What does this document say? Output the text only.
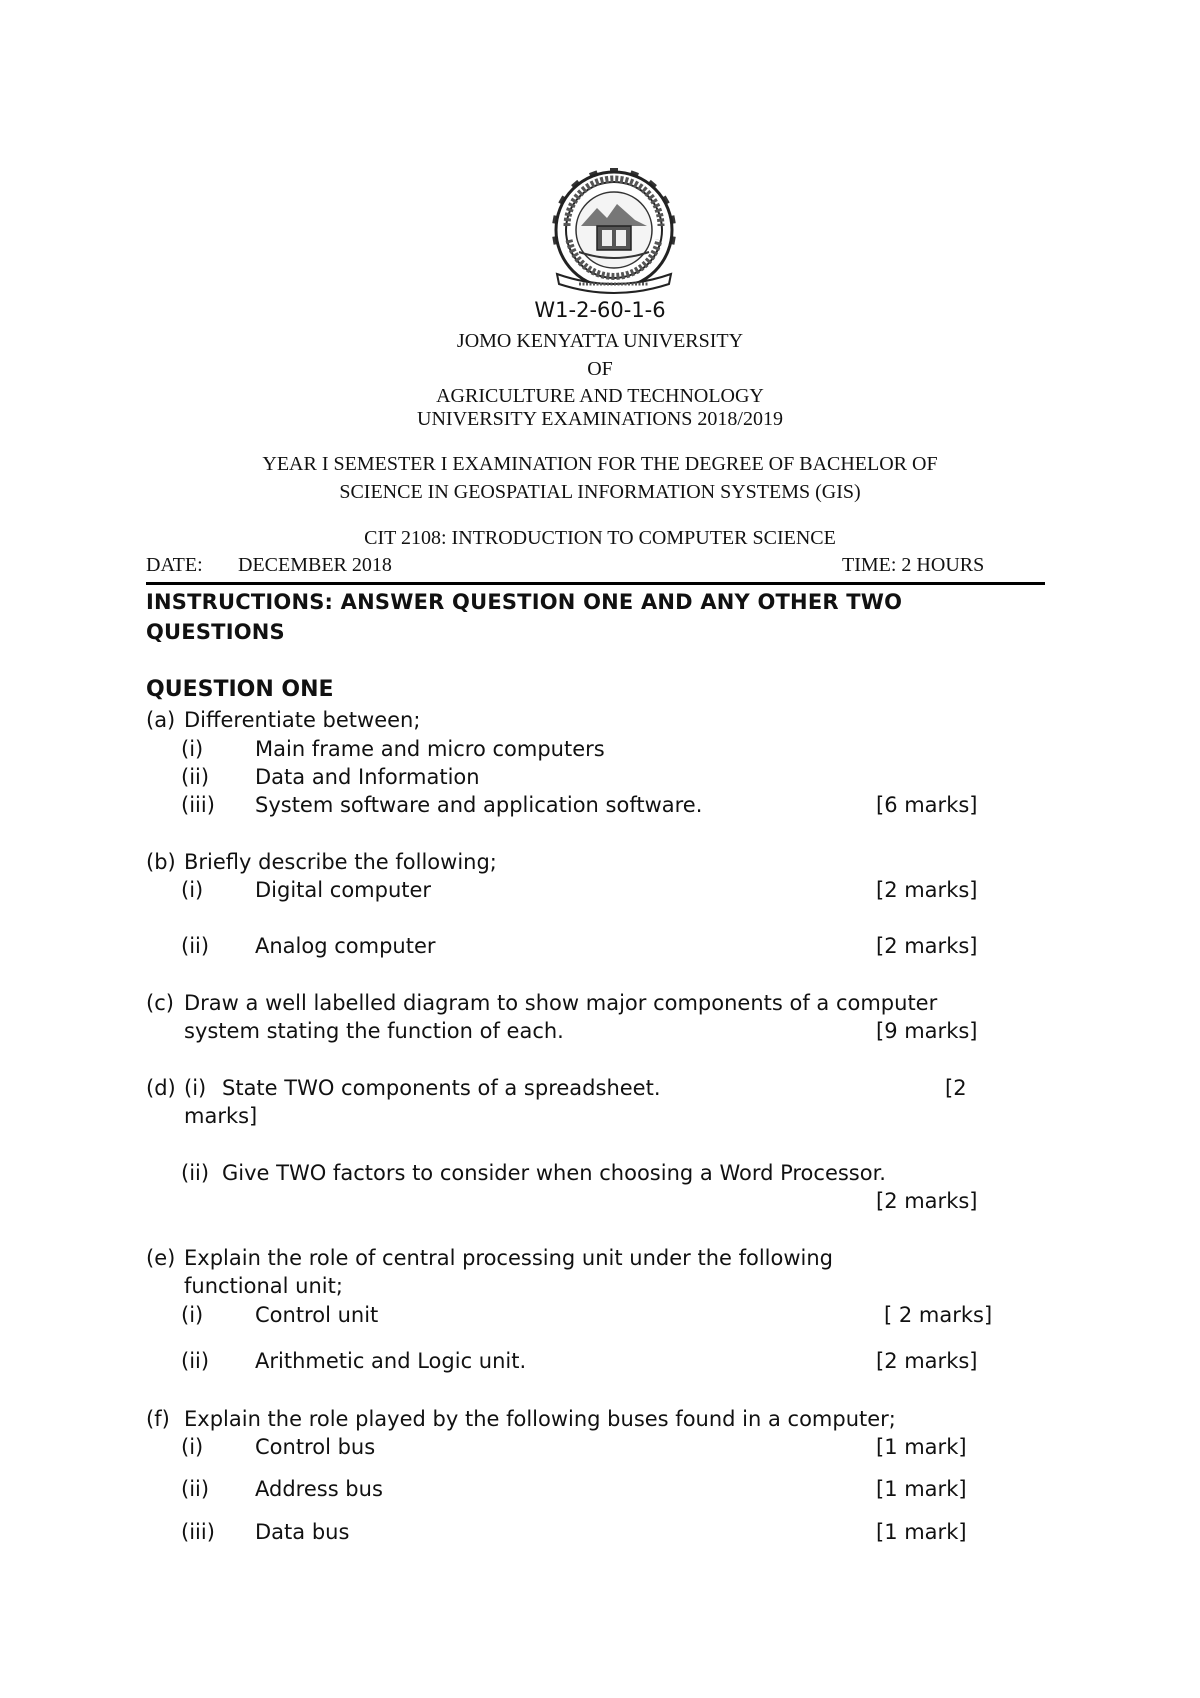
W1-2-60-1-6
JOMO KENYATTA UNIVERSITY
OF
AGRICULTURE AND TECHNOLOGY
UNIVERSITY EXAMINATIONS 2018/2019
YEAR I SEMESTER I EXAMINATION FOR THE DEGREE OF BACHELOR OF
SCIENCE IN GEOSPATIAL INFORMATION SYSTEMS (GIS)
CIT 2108: INTRODUCTION TO COMPUTER SCIENCE
DATE: DECEMBER 2018	TIME: 2 HOURS
INSTRUCTIONS: ANSWER QUESTION ONE AND ANY OTHER TWO QUESTIONS
QUESTION ONE
(a) Differentiate between;
(i) Main frame and micro computers
(ii) Data and Information
(iii) System software and application software.	[6 marks]
(b) Briefly describe the following;
(i) Digital computer	[2 marks]
(ii) Analog computer	[2 marks]
(c) Draw a well labelled diagram to show major components of a computer
system stating the function of each.	[9 marks]
(d) (i) State TWO components of a spreadsheet.	[2
marks]
(ii) Give TWO factors to consider when choosing a Word Processor.
[2 marks]
(e) Explain the role of central processing unit under the following
functional unit;
(i) Control unit	[ 2 marks]
(ii) Arithmetic and Logic unit.	[2 marks]
(f) Explain the role played by the following buses found in a computer;
(i) Control bus	[1 mark]
(ii) Address bus	[1 mark]
(iii) Data bus	[1 mark]
